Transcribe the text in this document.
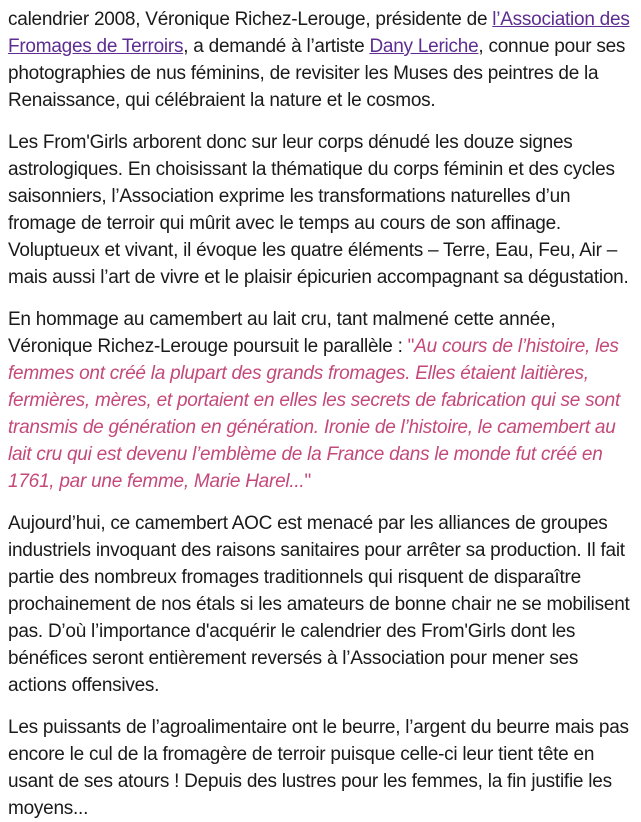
calendrier 2008, Véronique Richez-Lerouge, présidente de l’Association des Fromages de Terroirs, a demandé à l’artiste Dany Leriche, connue pour ses photographies de nus féminins, de revisiter les Muses des peintres de la Renaissance, qui célébraient la nature et le cosmos.

Les From'Girls arborent donc sur leur corps dénudé les douze signes astrologiques. En choisissant la thématique du corps féminin et des cycles saisonniers, l’Association exprime les transformations naturelles d’un fromage de terroir qui mûrit avec le temps au cours de son affinage. Voluptueux et vivant, il évoque les quatre éléments – Terre, Eau, Feu, Air – mais aussi l’art de vivre et le plaisir épicurien accompagnant sa dégustation.

En hommage au camembert au lait cru, tant malmené cette année, Véronique Richez-Lerouge poursuit le parallèle : "Au cours de l’histoire, les femmes ont créé la plupart des grands fromages. Elles étaient laitières, fermières, mères, et portaient en elles les secrets de fabrication qui se sont transmis de génération en génération. Ironie de l’histoire, le camembert au lait cru qui est devenu l’emblème de la France dans le monde fut créé en 1761, par une femme, Marie Harel..."

Aujourd’hui, ce camembert AOC est menacé par les alliances de groupes industriels invoquant des raisons sanitaires pour arrêter sa production. Il fait partie des nombreux fromages traditionnels qui risquent de disparaître prochainement de nos étals si les amateurs de bonne chair ne se mobilisent pas. D’où l’importance d'acquérir le calendrier des From'Girls dont les bénéfices seront entièrement reversés à l’Association pour mener ses actions offensives.

Les puissants de l’agroalimentaire ont le beurre, l’argent du beurre mais pas encore le cul de la fromagère de terroir puisque celle-ci leur tient tête en usant de ses atours ! Depuis des lustres pour les femmes, la fin justifie les moyens...
